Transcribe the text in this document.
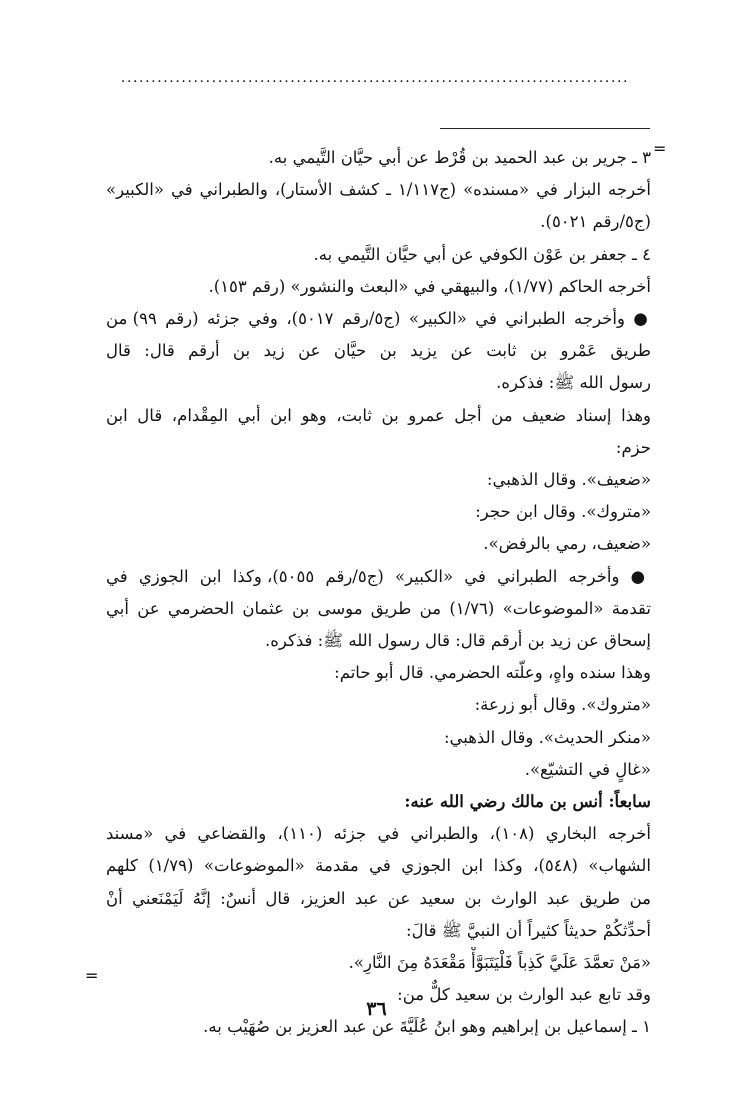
....................................................................................
=
٣ ـ جرير بن عبد الحميد بن قُرْط عن أبي حيَّان التَّيمي به.
أخرجه البزار في «مسنده» (ج١/١١٧ ـ كشف الأستار)، والطبراني في «الكبير»
(ج٥/رقم ٥٠٢١).
٤ ـ جعفر بن عَوْن الكوفي عن أبي حيَّان التَّيمي به.
أخرجه الحاكم (١/٧٧)، والبيهقي في «البعث والنشور» (رقم ١٥٣).
● وأخرجه الطبراني في «الكبير» (ج٥/رقم ٥٠١٧)، وفي جزئه (رقم ٩٩) من
طريق عَمْرو بن ثابت عن يزيد بن حيَّان عن زيد بن أرقم قال: قال
رسول الله ﷺ: فذكره.
وهذا إسناد ضعيف من أجل عمرو بن ثابت، وهو ابن أبي المِقْدام، قال ابن
حزم:
«ضعيف». وقال الذهبي:
«متروك». وقال ابن حجر:
«ضعيف، رمي بالرفض».
● وأخرجه الطبراني في «الكبير» (ج٥/رقم ٥٠٥٥)، وكذا ابن الجوزي في
تقدمة «الموضوعات» (١/٧٦) من طريق موسى بن عثمان الحضرمي عن أبي
إسحاق عن زيد بن أرقم قال: قال رسول الله ﷺ: فذكره.
وهذا سنده واهٍ، وعلّته الحضرمي. قال أبو حاتم:
«متروك». وقال أبو زرعة:
«منكر الحديث». وقال الذهبي:
«غالٍ في التشيّع».
سابعاً: أنس بن مالك رضي الله عنه:
أخرجه البخاري (١٠٨)، والطبراني في جزئه (١١٠)، والقضاعي في «مسند
الشهاب» (٥٤٨)، وكذا ابن الجوزي في مقدمة «الموضوعات» (١/٧٩) كلهم
من طريق عبد الوارث بن سعيد عن عبد العزيز، قال أنسٌ: إنَّهُ لَيَمْنَعني أنْ
أحدِّثكُمْ حديثاً كثيراً أن النبيَّ ﷺ قالَ:
«مَنْ تعمَّدَ عَلَيَّ كَذِباً فَلْيَتَبَوَّأْ مَقْعَدَهُ مِنَ النَّارِ».
وقد تابع عبد الوارث بن سعيد كلٌّ من:
١ ـ إسماعيل بن إبراهيم وهو ابنُ عُلَيَّةَ عن عبد العزيز بن صُهَيْب به.
=
٣٦
